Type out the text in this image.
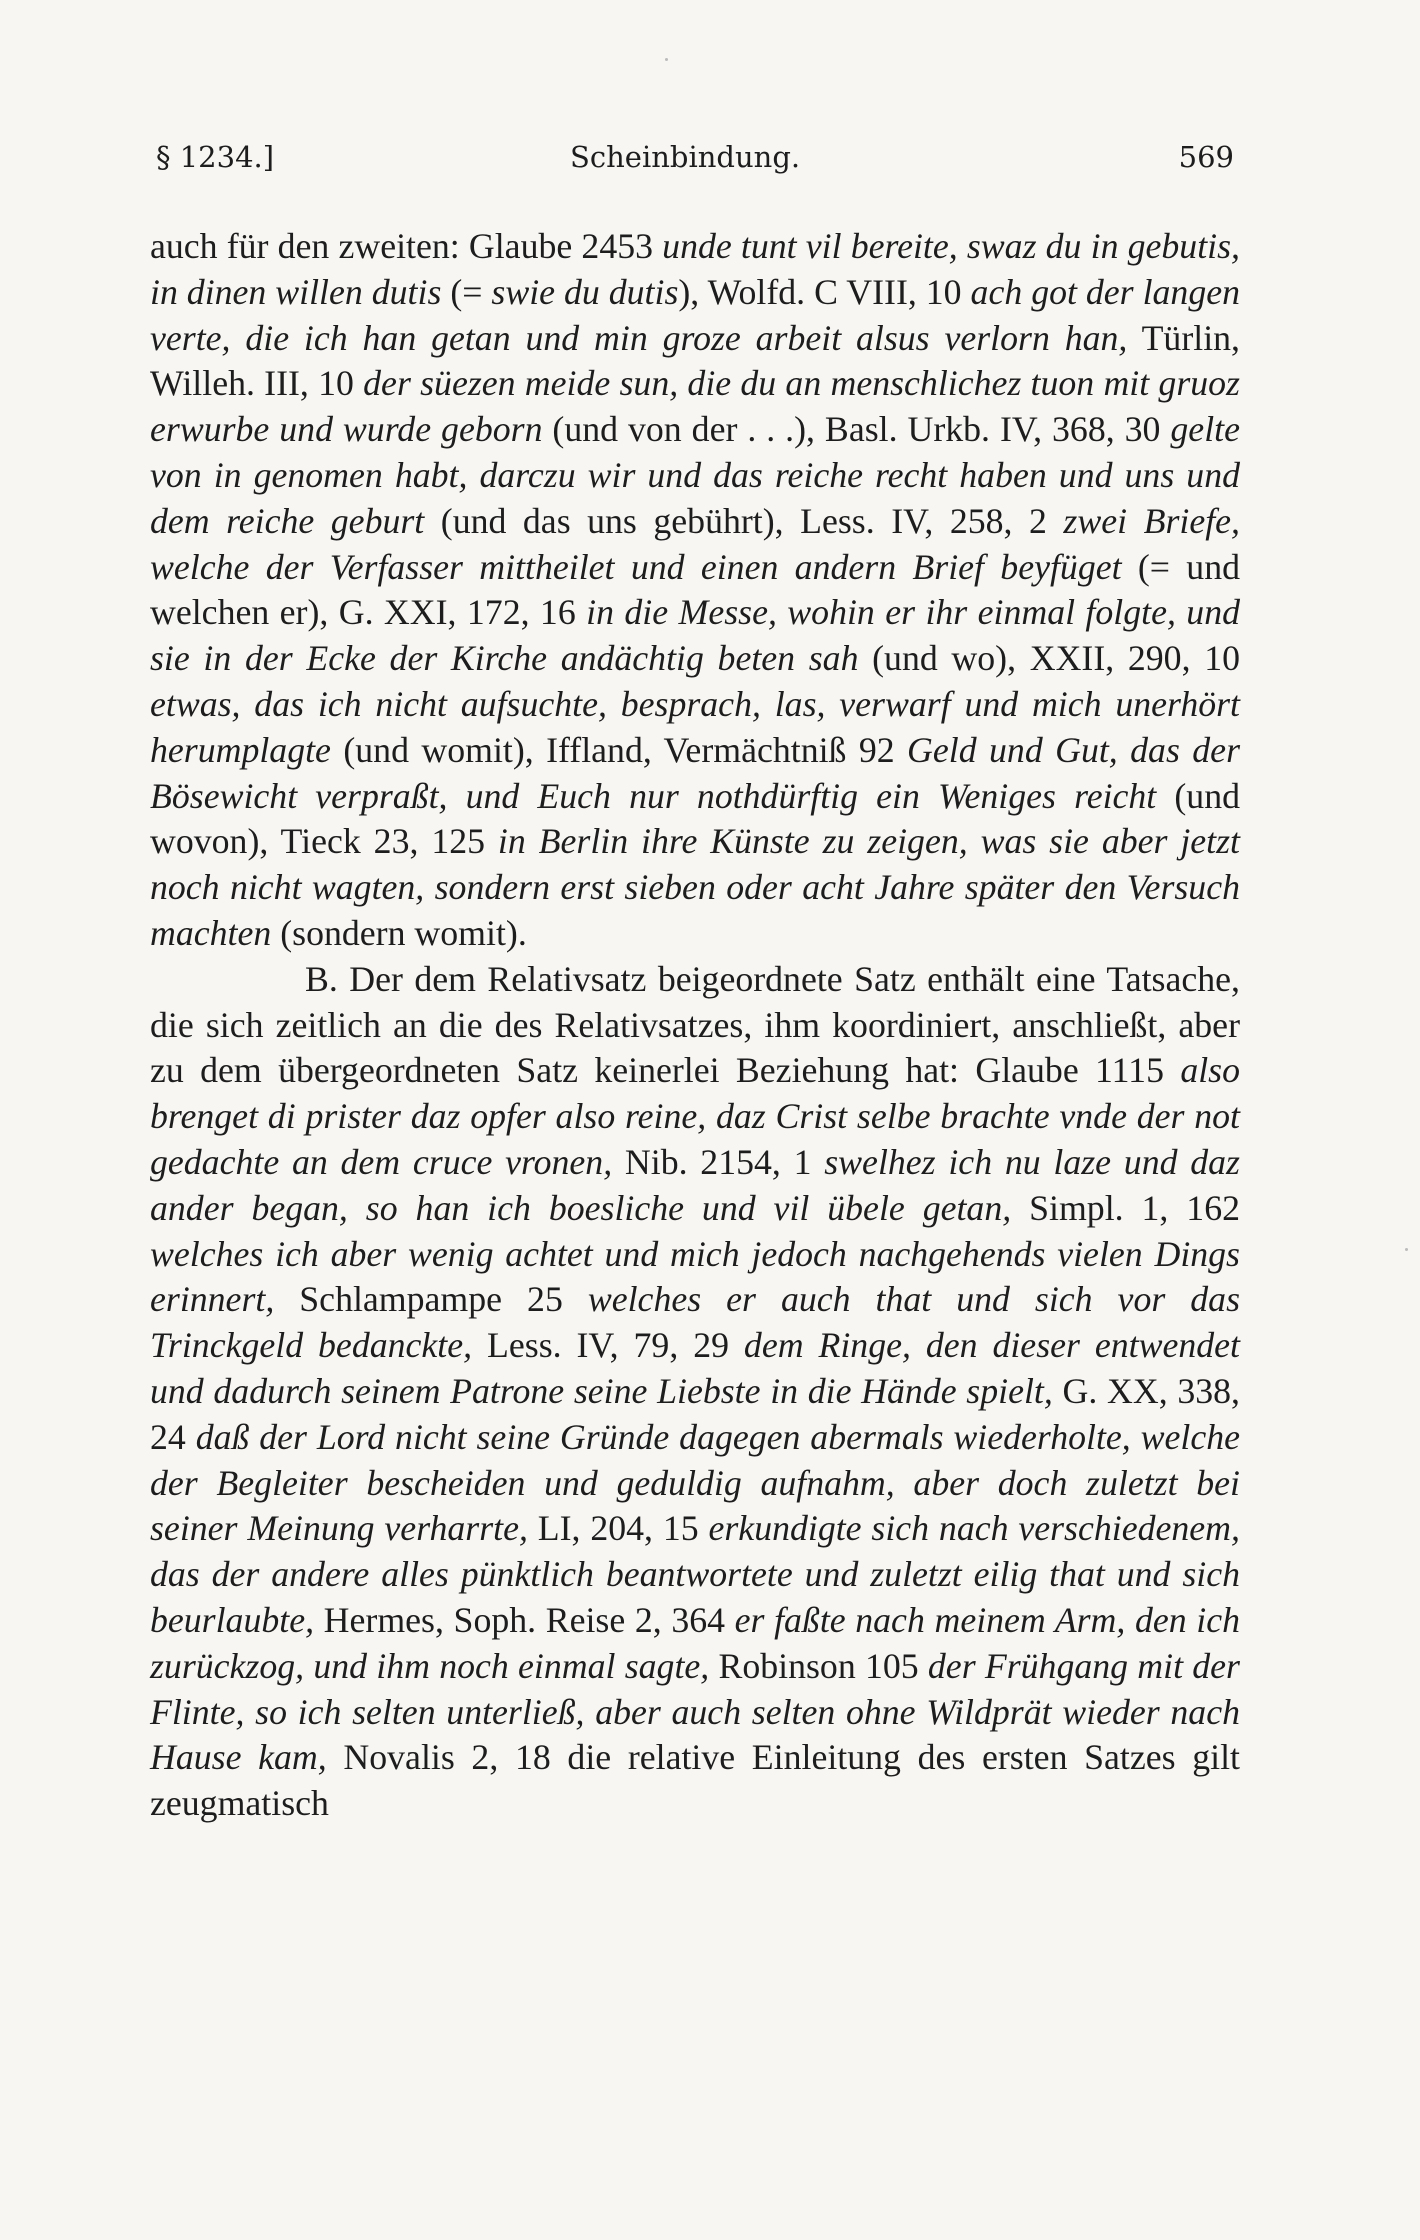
§ 1234.]	Scheinbindung.	569

auch für den zweiten: Glaube 2453 unde tunt vil bereite, swaz du in gebutis, in dinen willen dutis (= swie du dutis), Wolfd. C VIII, 10 ach got der langen verte, die ich han getan und min groze arbeit alsus verlorn han, Türlin, Willeh. III, 10 der süezen meide sun, die du an menschlichez tuon mit gruoz erwurbe und wurde geborn (und von der . . .), Basl. Urkb. IV, 368, 30 gelte von in genomen habt, darczu wir und das reiche recht haben und uns und dem reiche geburt (und das uns gebührt), Less. IV, 258, 2 zwei Briefe, welche der Verfasser mittheilet und einen andern Brief beyfüget (= und welchen er), G. XXI, 172, 16 in die Messe, wohin er ihr einmal folgte, und sie in der Ecke der Kirche andächtig beten sah (und wo), XXII, 290, 10 etwas, das ich nicht aufsuchte, besprach, las, verwarf und mich unerhört herumplagte (und womit), Iffland, Vermächtniß 92 Geld und Gut, das der Bösewicht verpraßt, und Euch nur nothdürftig ein Weniges reicht (und wovon), Tieck 23, 125 in Berlin ihre Künste zu zeigen, was sie aber jetzt noch nicht wagten, sondern erst sieben oder acht Jahre später den Versuch machten (sondern womit).

B. Der dem Relativsatz beigeordnete Satz enthält eine Tatsache, die sich zeitlich an die des Relativsatzes, ihm koordiniert, anschließt, aber zu dem übergeordneten Satz keinerlei Beziehung hat: Glaube 1115 also brenget di prister daz opfer also reine, daz Crist selbe brachte vnde der not gedachte an dem cruce vronen, Nib. 2154, 1 swelhez ich nu laze und daz ander began, so han ich boesliche und vil übele getan, Simpl. 1, 162 welches ich aber wenig achtet und mich jedoch nachgehends vielen Dings erinnert, Schlampampe 25 welches er auch that und sich vor das Trinckgeld bedanckte, Less. IV, 79, 29 dem Ringe, den dieser entwendet und dadurch seinem Patrone seine Liebste in die Hände spielt, G. XX, 338, 24 daß der Lord nicht seine Gründe dagegen abermals wiederholte, welche der Begleiter bescheiden und geduldig aufnahm, aber doch zuletzt bei seiner Meinung verharrte, LI, 204, 15 erkundigte sich nach verschiedenem, das der andere alles pünktlich beantwortete und zuletzt eilig that und sich beurlaubte, Hermes, Soph. Reise 2, 364 er faßte nach meinem Arm, den ich zurückzog, und ihm noch einmal sagte, Robinson 105 der Frühgang mit der Flinte, so ich selten unterließ, aber auch selten ohne Wildprät wieder nach Hause kam, Novalis 2, 18 die relative Einleitung des ersten Satzes gilt zeugmatisch
